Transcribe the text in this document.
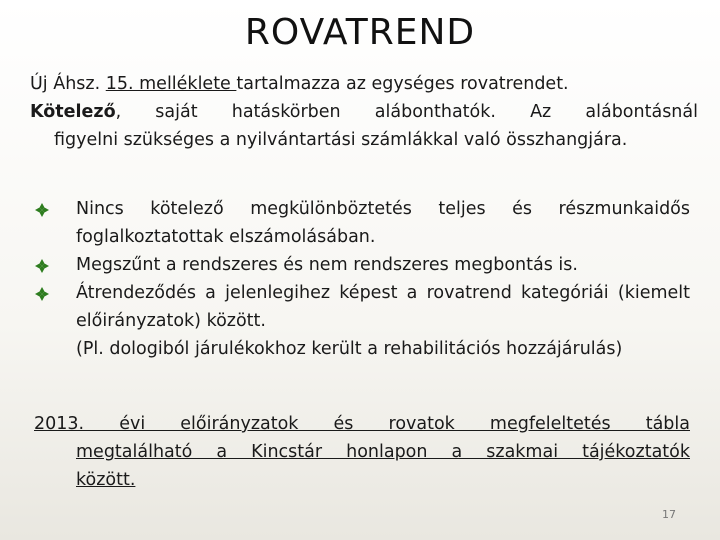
ROVATREND

Új Áhsz. 15. melléklete tartalmazza az egységes rovatrendet.

Kötelező, saját hatáskörben alábonthatók. Az alábontásnál

figyelni szükséges a nyilvántartási számlákkal való összhangjára.

Nincs kötelező megkülönböztetés teljes és részmunkaidős foglalkoztatottak elszámolásában.
Megszűnt a rendszeres és nem rendszeres megbontás is.
Átrendeződés a jelenlegihez képest a rovatrend kategóriái (kiemelt előirányzatok) között.
(Pl. dologiból járulékokhoz került a rehabilitációs hozzájárulás)
2013. évi előirányzatok és rovatok megfeleltetés tábla
megtalálható a Kincstár honlapon a szakmai tájékoztatók
között.
17
